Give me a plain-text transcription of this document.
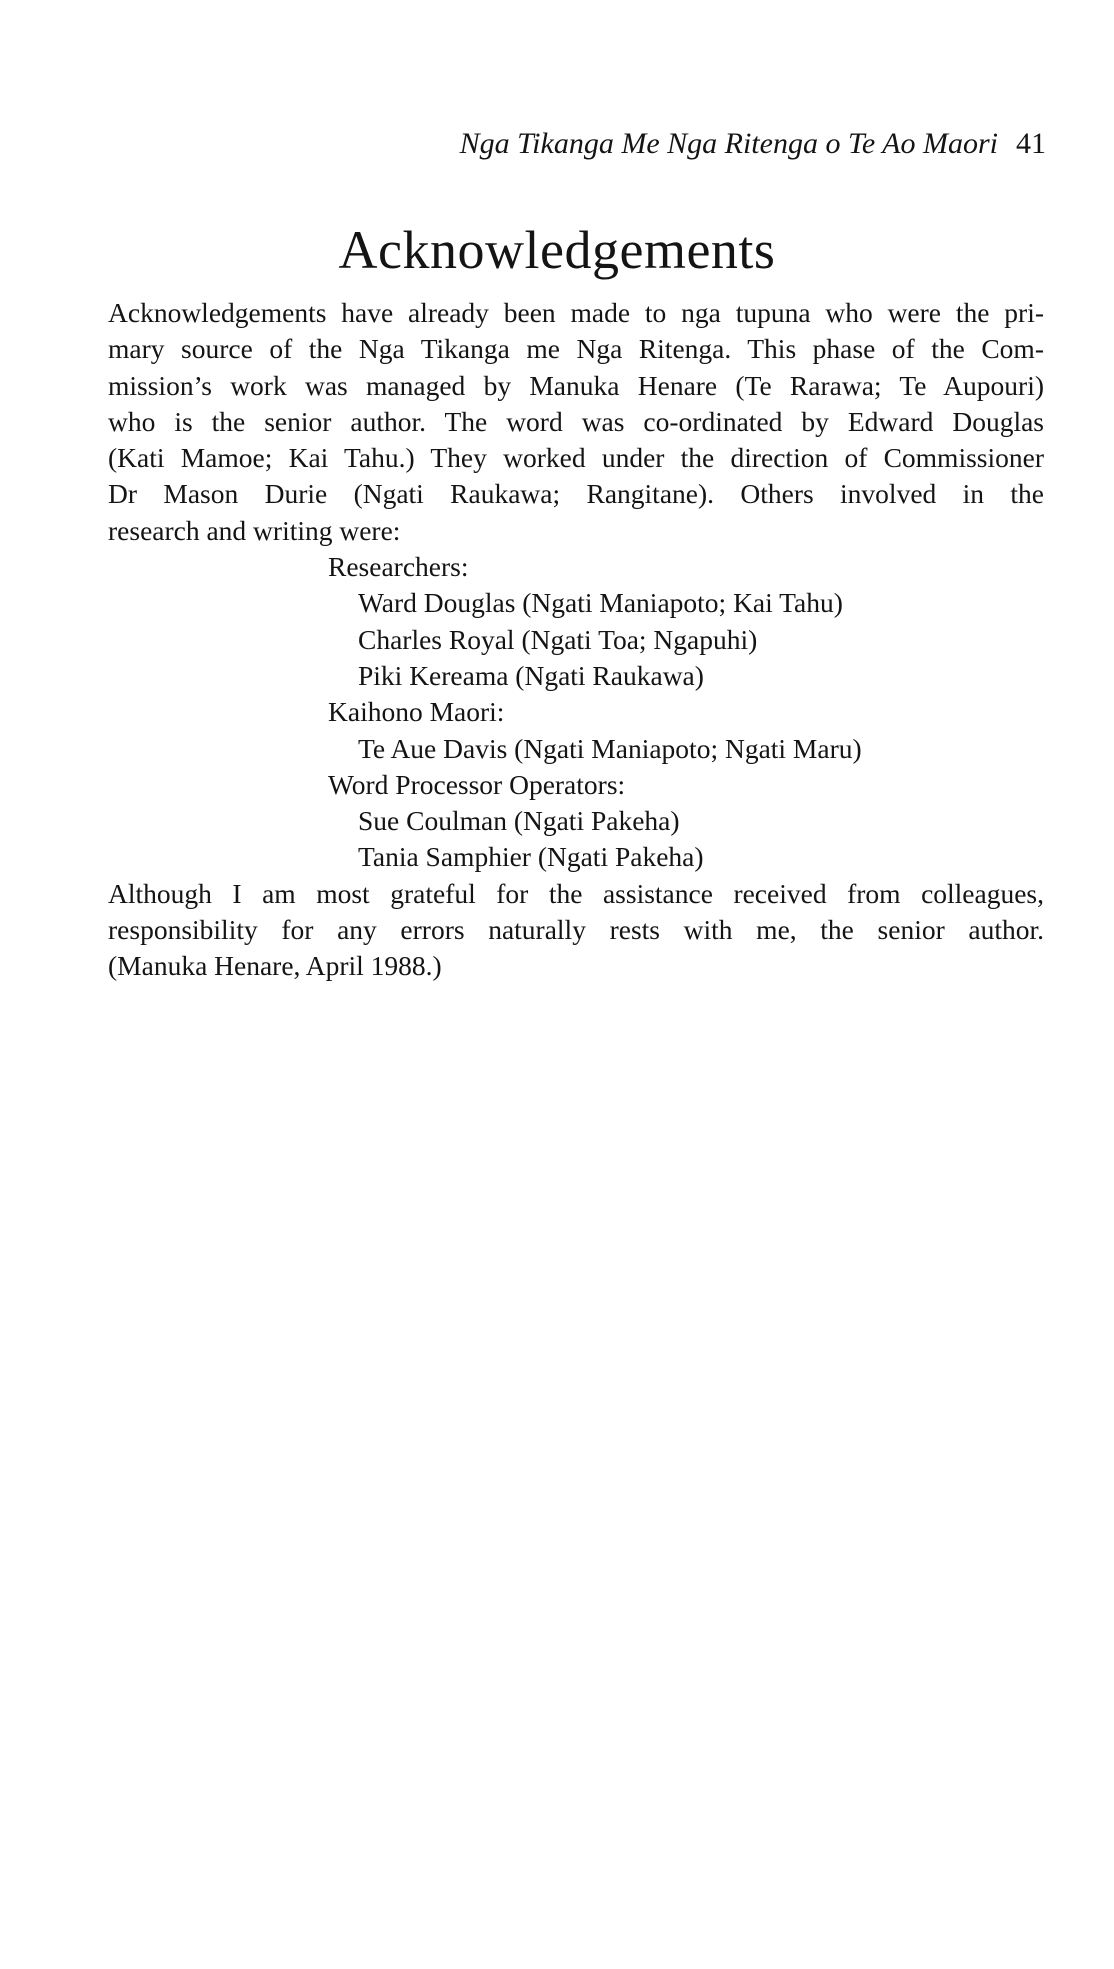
Nga Tikanga Me Nga Ritenga o Te Ao Maori 41
Acknowledgements
Acknowledgements have already been made to nga tupuna who were the pri-
mary source of the Nga Tikanga me Nga Ritenga. This phase of the Com-
mission’s work was managed by Manuka Henare (Te Rarawa; Te Aupouri)
who is the senior author. The word was co-ordinated by Edward Douglas
(Kati Mamoe; Kai Tahu.) They worked under the direction of Commissioner
Dr Mason Durie (Ngati Raukawa; Rangitane). Others involved in the
research and writing were:
Researchers:
Ward Douglas (Ngati Maniapoto; Kai Tahu)
Charles Royal (Ngati Toa; Ngapuhi)
Piki Kereama (Ngati Raukawa)
Kaihono Maori:
Te Aue Davis (Ngati Maniapoto; Ngati Maru)
Word Processor Operators:
Sue Coulman (Ngati Pakeha)
Tania Samphier (Ngati Pakeha)
Although I am most grateful for the assistance received from colleagues,
responsibility for any errors naturally rests with me, the senior author.
(Manuka Henare, April 1988.)
